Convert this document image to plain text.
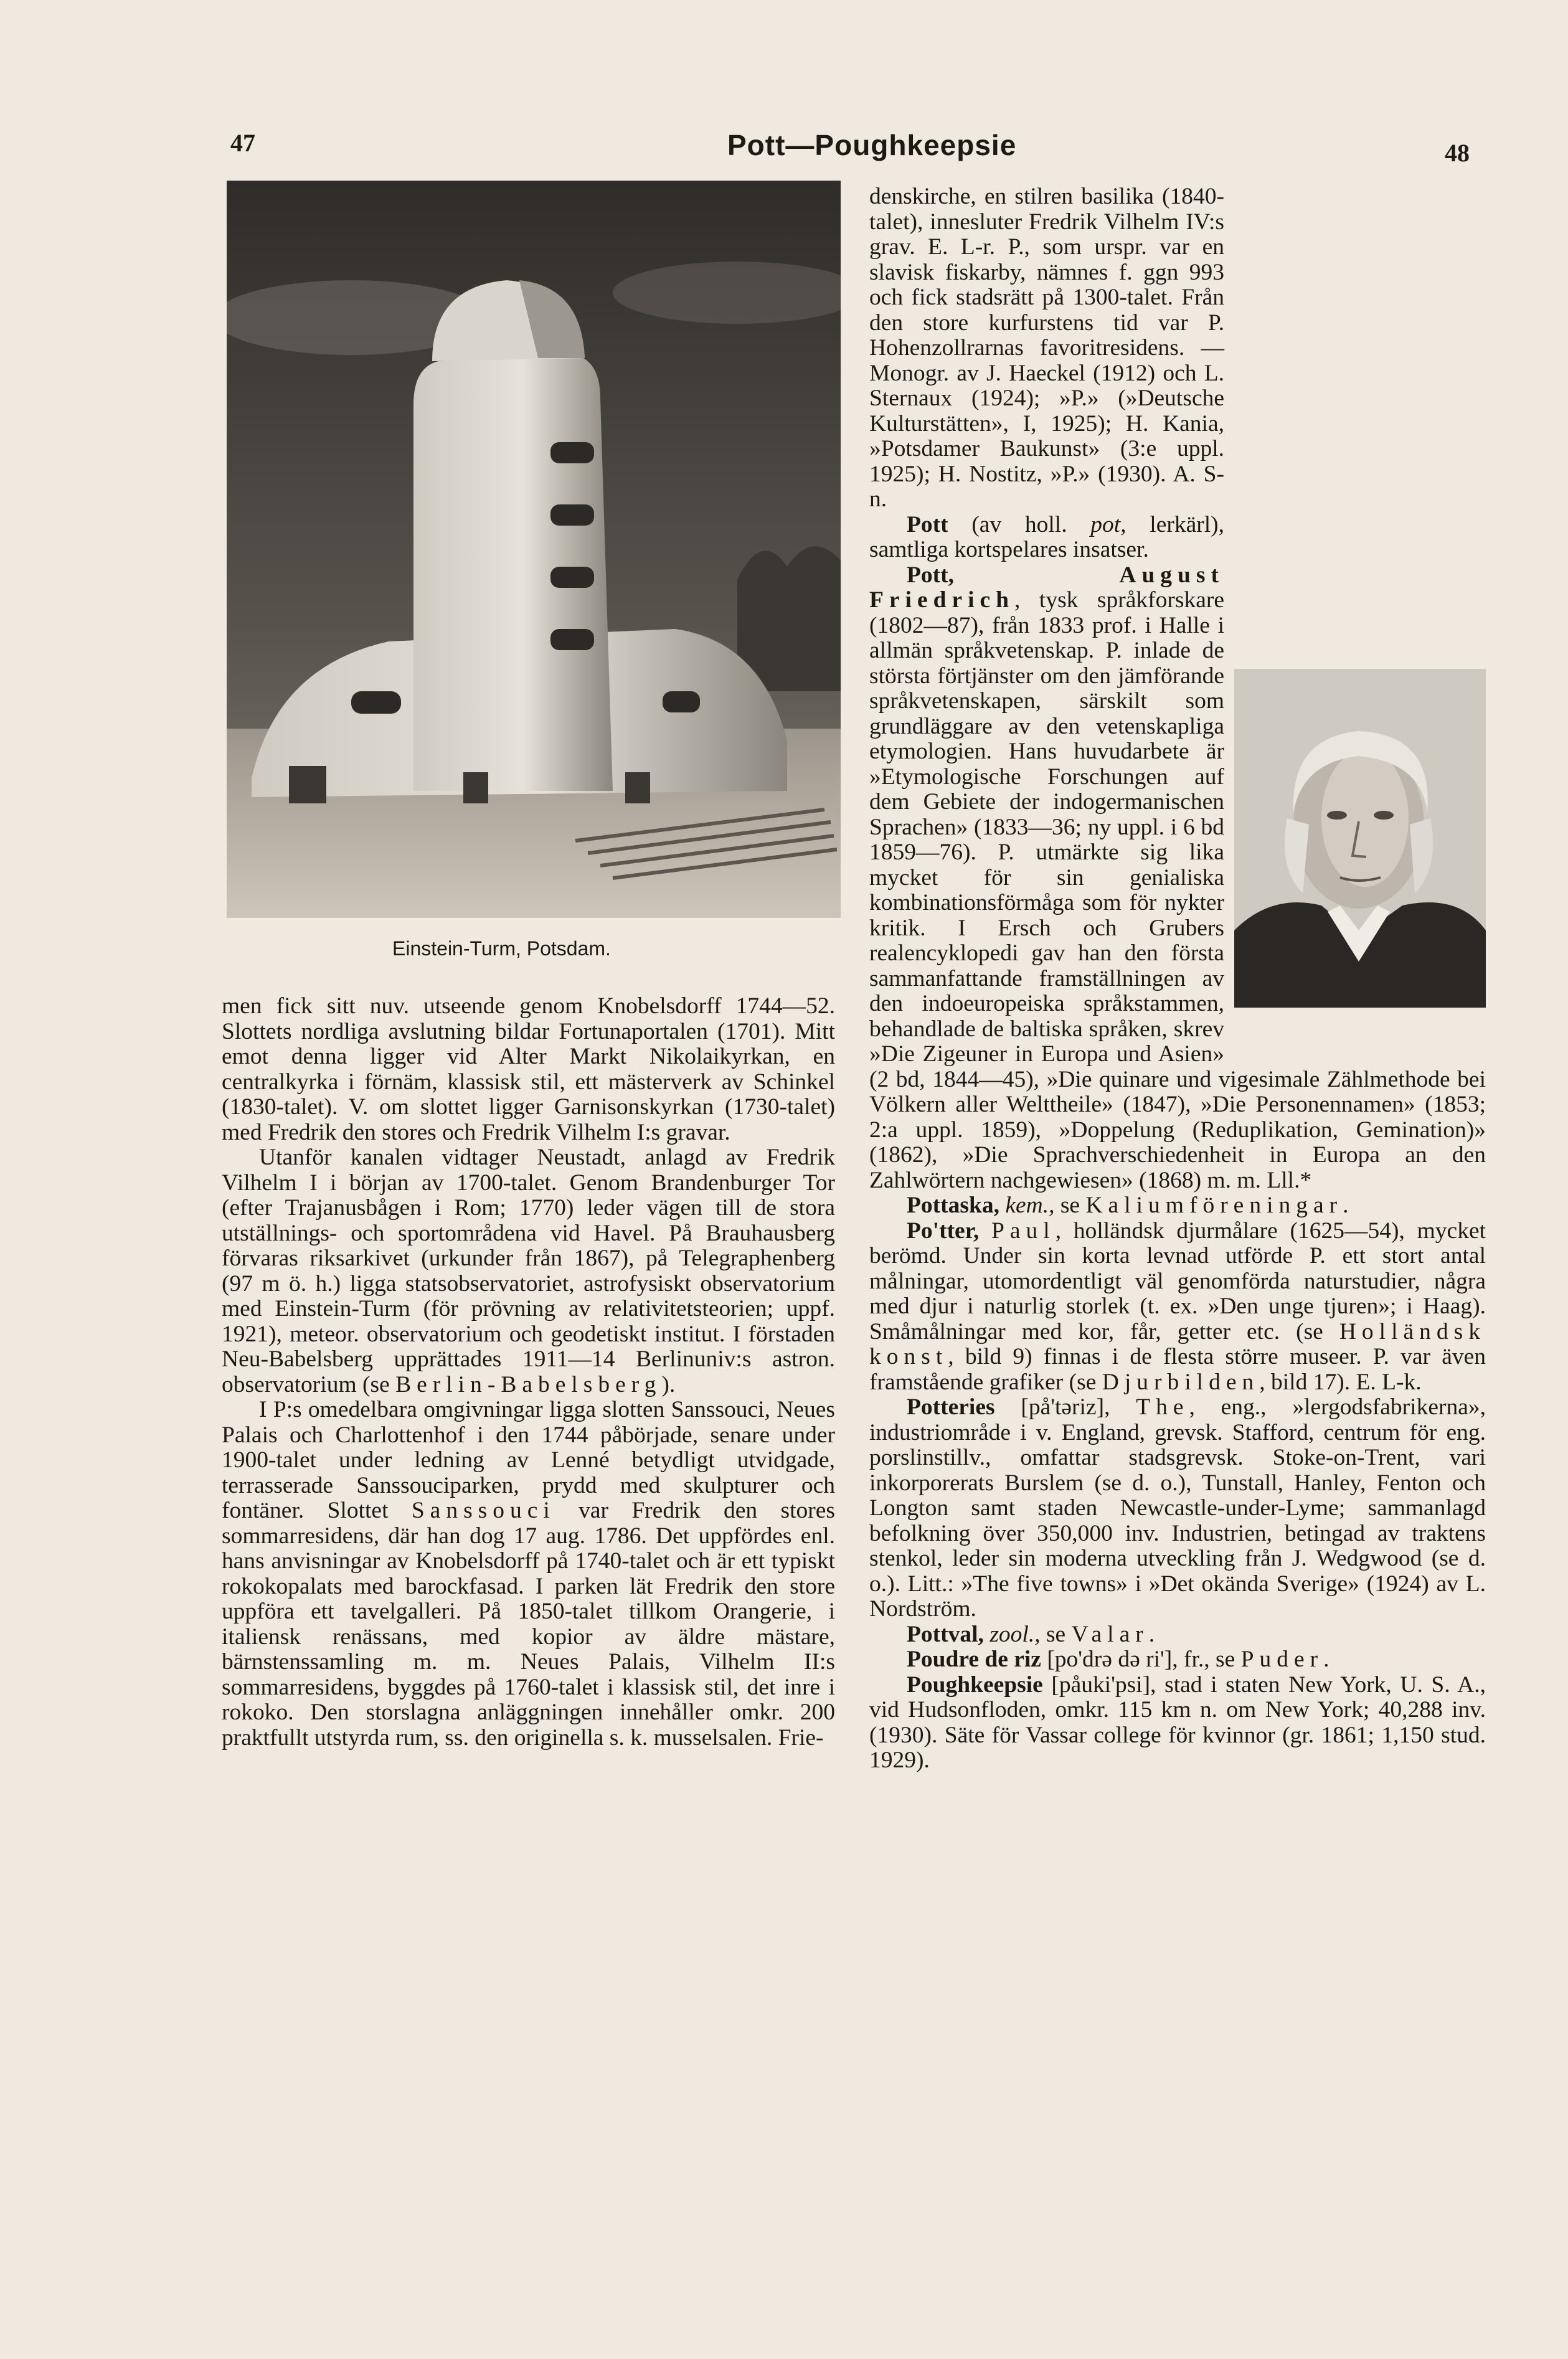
47	Pott—Poughkeepsie	48
Einstein-Turm, Potsdam.

men fick sitt nuv. utseende genom Knobelsdorff 1744—52. Slottets nordliga avslutning bildar Fortunaportalen (1701). Mitt emot denna ligger vid Alter Markt Nikolaikyrkan, en centralkyrka i förnäm, klassisk stil, ett mästerverk av Schinkel (1830-talet). V. om slottet ligger Garnisonskyrkan (1730-talet) med Fredrik den stores och Fredrik Vilhelm I:s gravar.

Utanför kanalen vidtager Neustadt, anlagd av Fredrik Vilhelm I i början av 1700-talet. Genom Brandenburger Tor (efter Trajanusbågen i Rom; 1770) leder vägen till de stora utställnings- och sportområdena vid Havel. På Brauhausberg förvaras riksarkivet (urkunder från 1867), på Telegraphenberg (97 m ö. h.) ligga statsobservatoriet, astrofysiskt observatorium med Einstein-Turm (för prövning av relativitetsteorien; uppf. 1921), meteor. observatorium och geodetiskt institut. I förstaden Neu-Babelsberg upprättades 1911—14 Berlinuniv:s astron. observatorium (se Berlin-Babelsberg).

I P:s omedelbara omgivningar ligga slotten Sanssouci, Neues Palais och Charlottenhof i den 1744 påbörjade, senare under 1900-talet under ledning av Lenné betydligt utvidgade, terrasserade Sanssouciparken, prydd med skulpturer och fontäner. Slottet Sanssouci var Fredrik den stores sommarresidens, där han dog 17 aug. 1786. Det uppfördes enl. hans anvisningar av Knobelsdorff på 1740-talet och är ett typiskt rokokopalats med barockfasad. I parken lät Fredrik den store uppföra ett tavelgalleri. På 1850-talet tillkom Orangerie, i italiensk renässans, med kopior av äldre mästare, bärnstenssamling m. m. Neues Palais, Vilhelm II:s sommarresidens, byggdes på 1760-talet i klassisk stil, det inre i rokoko. Den storslagna anläggningen innehåller omkr. 200 praktfullt utstyrda rum, ss. den originella s. k. musselsalen. Frie-

denskirche, en stilren basilika (1840-talet), innesluter Fredrik Vilhelm IV:s grav. E. L-r. P., som urspr. var en slavisk fiskarby, nämnes f. ggn 993 och fick stadsrätt på 1300-talet. Från den store kurfurstens tid var P. Hohenzollrarnas favoritresidens. — Monogr. av J. Haeckel (1912) och L. Sternaux (1924); »P.» (»Deutsche Kulturstätten», I, 1925); H. Kania, »Potsdamer Baukunst» (3:e uppl. 1925); H. Nostitz, »P.» (1930). A. S-n.

Pott (av holl. pot, lerkärl), samtliga kortspelares insatser.

Pott,	August Friedrich, tysk språkforskare (1802—87), från 1833 prof. i Halle i allmän språkvetenskap. P. inlade de största förtjänster om den jämförande språkvetenskapen, särskilt som grundläggare av den vetenskapliga etymologien. Hans huvudarbete är »Etymologische Forschungen auf dem Gebiete der indogermanischen Sprachen» (1833—36; ny uppl. i 6 bd 1859—76). P. utmärkte sig lika mycket för sin genialiska kombinationsförmåga som för nykter kritik. I Ersch och Grubers realencyklopedi gav han den första sammanfattande framställningen av den indoeuropeiska språkstammen, behandlade de baltiska språken, skrev »Die Zigeuner in Europa und Asien» (2 bd, 1844—45), »Die quinare und vigesimale Zählmethode bei Völkern aller Welttheile» (1847), »Die Personennamen» (1853; 2:a uppl. 1859), »Doppelung (Reduplikation, Gemination)» (1862), »Die Sprachverschiedenheit in Europa an den Zahlwörtern nachgewiesen» (1868) m. m. Lll.*

Pottaska, kem., se Kaliumföreningar.

Po'tter, Paul, holländsk djurmålare (1625—54), mycket berömd. Under sin korta levnad utförde P. ett stort antal målningar, utomordentligt väl genomförda naturstudier, några med djur i naturlig storlek (t. ex. »Den unge tjuren»; i Haag). Småmålningar med kor, får, getter etc. (se Holländsk konst, bild 9) finnas i de flesta större museer. P. var även framstående grafiker (se Djurbilden, bild 17). E. L-k.

Potteries [på'təriz], The, eng., »lergodsfabrikerna», industriområde i v. England, grevsk. Stafford, centrum för eng. porslinstillv., omfattar stadsgrevsk. Stoke-on-Trent, vari inkorporerats Burslem (se d. o.), Tunstall, Hanley, Fenton och Longton samt staden Newcastle-under-Lyme; sammanlagd befolkning över 350,000 inv. Industrien, betingad av traktens stenkol, leder sin moderna utveckling från J. Wedgwood (se d. o.). Litt.: »The five towns» i »Det okända Sverige» (1924) av L. Nordström.

Pottval, zool., se Valar.

Poudre de riz [po'drə də ri'], fr., se Puder.

Poughkeepsie [påuki'psi], stad i staten New York, U. S. A., vid Hudsonfloden, omkr. 115 km n. om New York; 40,288 inv. (1930). Säte för Vassar college för kvinnor (gr. 1861; 1,150 stud. 1929).
